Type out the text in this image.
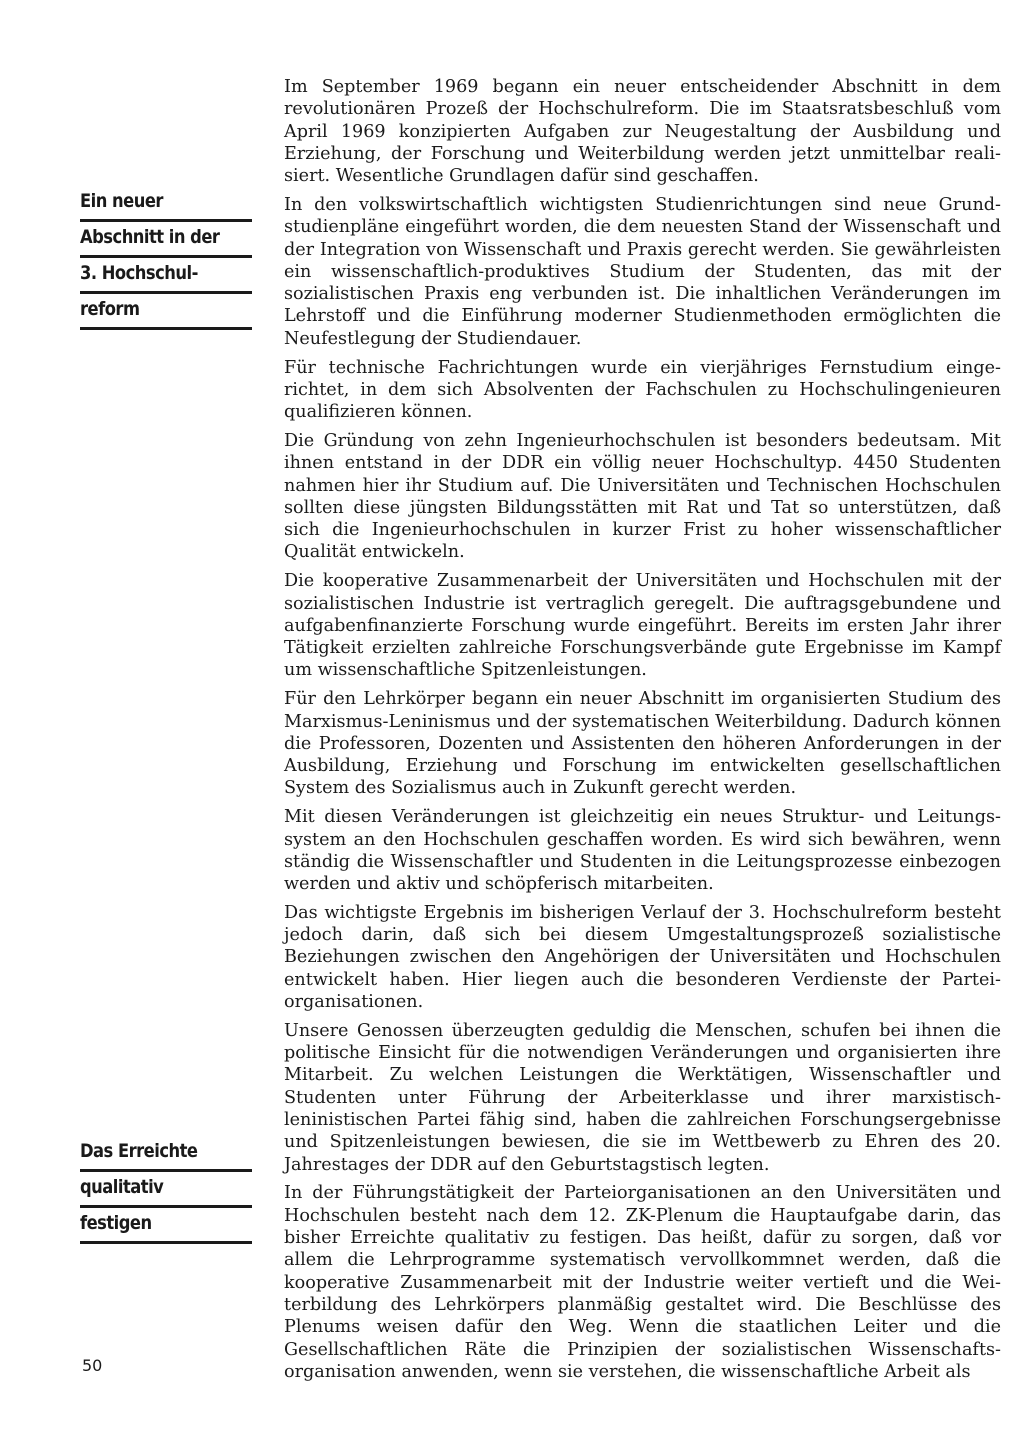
Ein neuer
Abschnitt in der
3. Hochschul-
reform
Das Erreichte
qualitativ
festigen

Im September 1969 begann ein neuer entscheidender Abschnitt in dem revolutionären Prozeß der Hochschulreform. Die im Staatsratsbeschluß vom April 1969 konzipierten Aufgaben zur Neugestaltung der Ausbildung und Erziehung, der Forschung und Weiterbildung werden jetzt unmittelbar realisiert. Wesentliche Grundlagen dafür sind geschaffen.

In den volkswirtschaftlich wichtigsten Studienrichtungen sind neue Grundstudienpläne eingeführt worden, die dem neuesten Stand der Wissenschaft und der Integration von Wissenschaft und Praxis gerecht werden. Sie gewährleisten ein wissenschaftlich-produktives Studium der Studenten, das mit der sozialistischen Praxis eng verbunden ist. Die inhaltlichen Veränderungen im Lehrstoff und die Einführung moderner Studienmethoden ermöglichten die Neufestlegung der Studiendauer.

Für technische Fachrichtungen wurde ein vierjähriges Fernstudium eingerichtet, in dem sich Absolventen der Fachschulen zu Hochschulingenieuren qualifizieren können.

Die Gründung von zehn Ingenieurhochschulen ist besonders bedeutsam. Mit ihnen entstand in der DDR ein völlig neuer Hochschultyp. 4450 Studenten nahmen hier ihr Studium auf. Die Universitäten und Technischen Hochschulen sollten diese jüngsten Bildungsstätten mit Rat und Tat so unterstützen, daß sich die Ingenieurhochschulen in kurzer Frist zu hoher wissenschaftlicher Qualität entwickeln.

Die kooperative Zusammenarbeit der Universitäten und Hochschulen mit der sozialistischen Industrie ist vertraglich geregelt. Die auftragsgebundene und aufgabenfinanzierte Forschung wurde eingeführt. Bereits im ersten Jahr ihrer Tätigkeit erzielten zahlreiche Forschungsverbände gute Ergebnisse im Kampf um wissenschaftliche Spitzenleistungen.

Für den Lehrkörper begann ein neuer Abschnitt im organisierten Studium des Marxismus-Leninismus und der systematischen Weiterbildung. Dadurch können die Professoren, Dozenten und Assistenten den höheren Anforderungen in der Ausbildung, Erziehung und Forschung im entwickelten gesellschaftlichen System des Sozialismus auch in Zukunft gerecht werden.

Mit diesen Veränderungen ist gleichzeitig ein neues Struktur- und Leitungssystem an den Hochschulen geschaffen worden. Es wird sich bewähren, wenn ständig die Wissenschaftler und Studenten in die Leitungsprozesse einbezogen werden und aktiv und schöpferisch mitarbeiten.

Das wichtigste Ergebnis im bisherigen Verlauf der 3. Hochschulreform besteht jedoch darin, daß sich bei diesem Umgestaltungsprozeß sozialistische Beziehungen zwischen den Angehörigen der Universitäten und Hochschulen entwickelt haben. Hier liegen auch die besonderen Verdienste der Parteiorganisationen.

Unsere Genossen überzeugten geduldig die Menschen, schufen bei ihnen die politische Einsicht für die notwendigen Veränderungen und organisierten ihre Mitarbeit. Zu welchen Leistungen die Werktätigen, Wissenschaftler und Studenten unter Führung der Arbeiterklasse und ihrer marxistischleninistischen Partei fähig sind, haben die zahlreichen Forschungsergebnisse und Spitzenleistungen bewiesen, die sie im Wettbewerb zu Ehren des 20. Jahrestages der DDR auf den Geburtstagstisch legten.

In der Führungstätigkeit der Parteiorganisationen an den Universitäten und Hochschulen besteht nach dem 12. ZK-Plenum die Hauptaufgabe darin, das bisher Erreichte qualitativ zu festigen. Das heißt, dafür zu sorgen, daß vor allem die Lehrprogramme systematisch vervollkommnet werden, daß die kooperative Zusammenarbeit mit der Industrie weiter vertieft und die Weiterbildung des Lehrkörpers planmäßig gestaltet wird. Die Beschlüsse des Plenums weisen dafür den Weg. Wenn die staatlichen Leiter und die Gesellschaftlichen Räte die Prinzipien der sozialistischen Wissenschaftsorganisation anwenden, wenn sie verstehen, die wissenschaftliche Arbeit als

50
